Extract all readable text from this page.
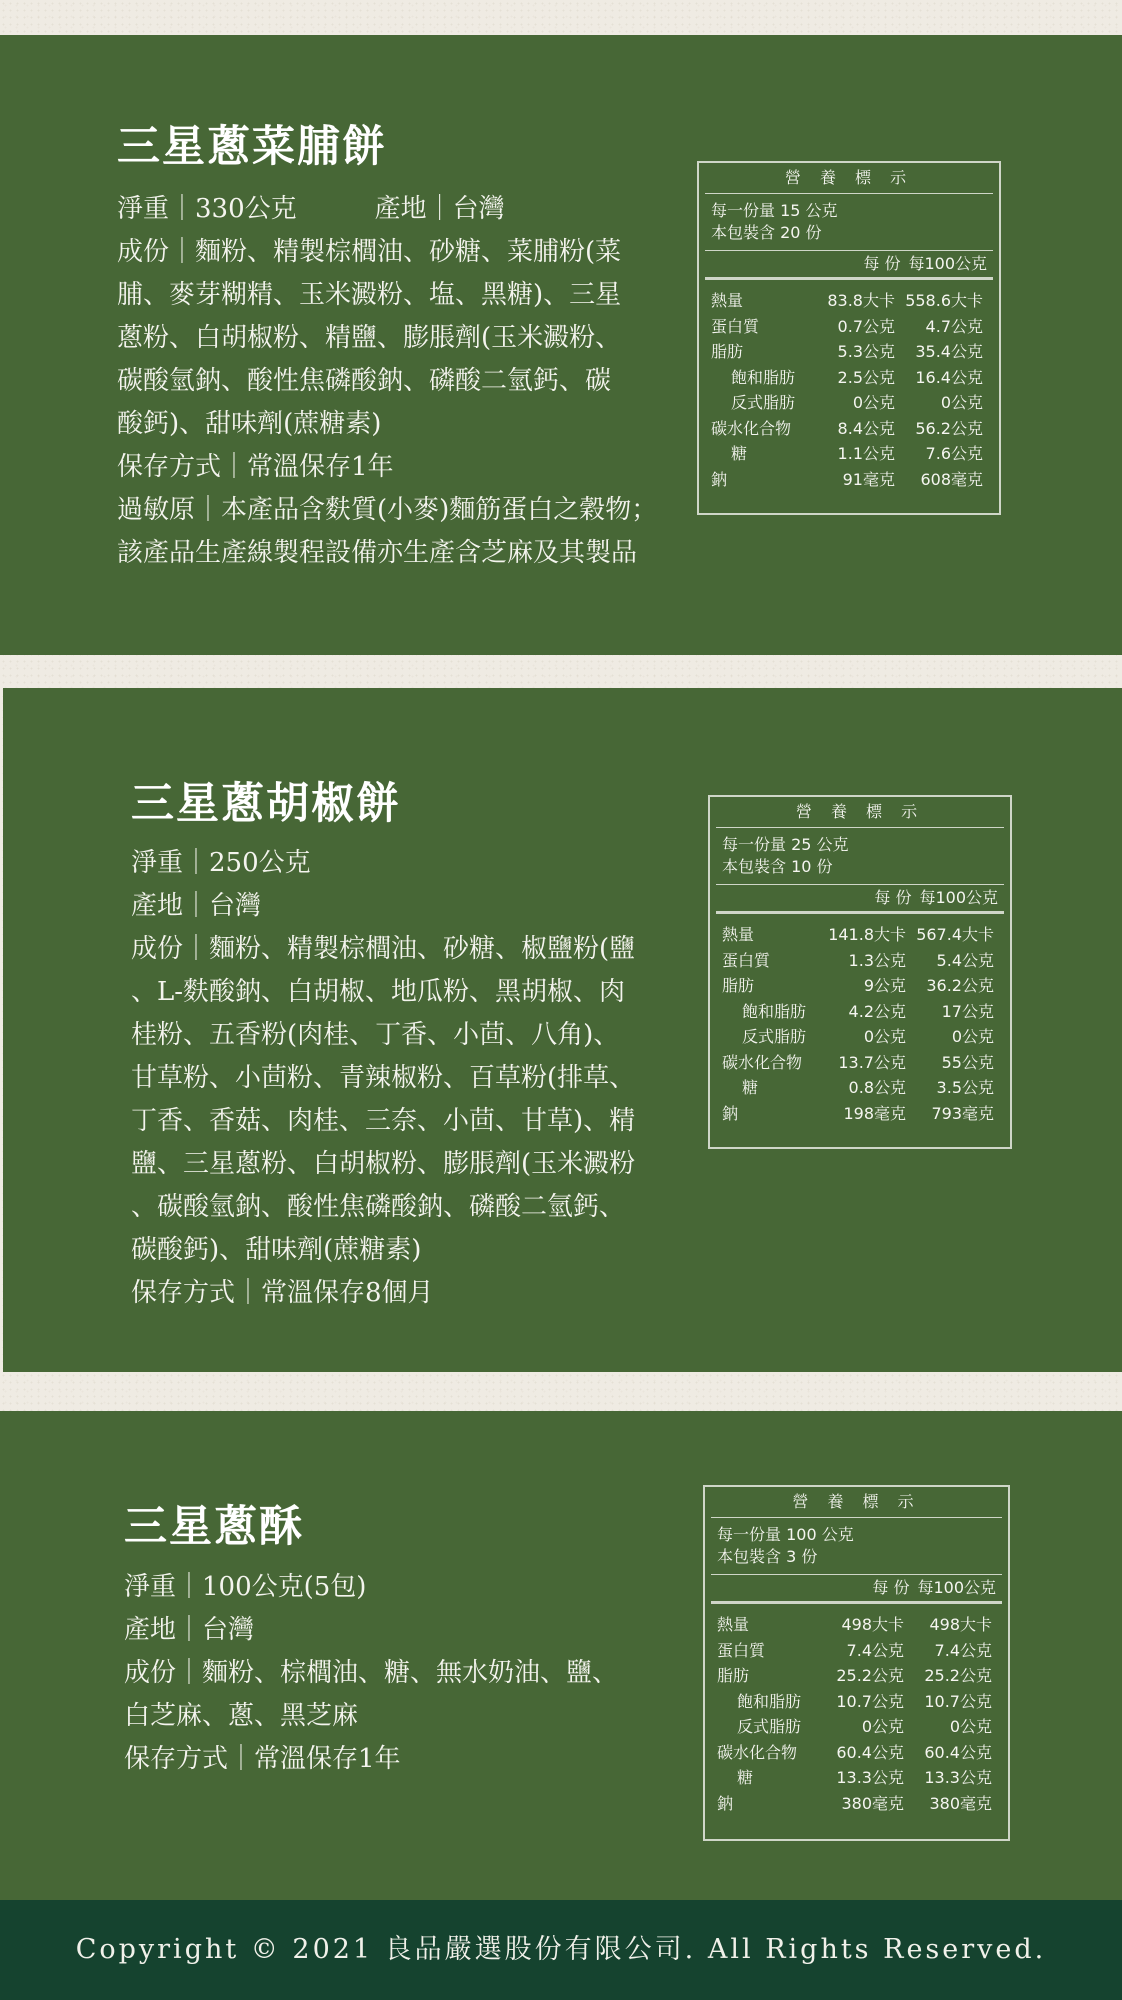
三星蔥菜脯餅
淨重｜330公克	產地｜台灣
成份｜麵粉、精製棕櫚油、砂糖、菜脯粉(菜
脯、麥芽糊精、玉米澱粉、塩、黑糖)、三星
蔥粉、白胡椒粉、精鹽、膨脹劑(玉米澱粉、
碳酸氫鈉、酸性焦磷酸鈉、磷酸二氫鈣、碳
酸鈣)、甜味劑(蔗糖素)
保存方式｜常溫保存1年
過敏原｜本產品含麩質(小麥)麵筋蛋白之穀物；
該產品生產線製程設備亦生產含芝麻及其製品
營 養 標 示
每一份量 15 公克
本包裝含 20 份
每 份 每100公克
熱量	83.8大卡 558.6大卡
蛋白質	0.7公克 4.7公克
脂肪	5.3公克 35.4公克
飽和脂肪	2.5公克 16.4公克
反式脂肪	0公克	0公克
碳水化合物	8.4公克 56.2公克
糖	1.1公克 7.6公克
鈉	91毫克 608毫克
三星蔥胡椒餅
淨重｜250公克
產地｜台灣
成份｜麵粉、精製棕櫚油、砂糖、椒鹽粉(鹽
、L-麩酸鈉、白胡椒、地瓜粉、黑胡椒、肉
桂粉、五香粉(肉桂、丁香、小茴、八角)、
甘草粉、小茴粉、青辣椒粉、百草粉(排草、
丁香、香菇、肉桂、三奈、小茴、甘草)、精
鹽、三星蔥粉、白胡椒粉、膨脹劑(玉米澱粉
、碳酸氫鈉、酸性焦磷酸鈉、磷酸二氫鈣、
碳酸鈣)、甜味劑(蔗糖素)
保存方式｜常溫保存8個月
營 養 標 示
每一份量 25 公克
本包裝含 10 份
每 份 每100公克
熱量	141.8大卡 567.4大卡
蛋白質	1.3公克 5.4公克
脂肪	9公克 36.2公克
飽和脂肪	4.2公克 17公克
反式脂肪	0公克	0公克
碳水化合物 13.7公克 55公克
糖	0.8公克 3.5公克
鈉	198毫克 793毫克
三星蔥酥
淨重｜100公克(5包)
產地｜台灣
成份｜麵粉、棕櫚油、糖、無水奶油、鹽、
白芝麻、蔥、黑芝麻
保存方式｜常溫保存1年
營 養 標 示
每一份量 100 公克
本包裝含 3 份
每 份 每100公克
熱量	498大卡 498大卡
蛋白質	7.4公克 7.4公克
脂肪	25.2公克 25.2公克
飽和脂肪 10.7公克 10.7公克
反式脂肪	0公克	0公克
碳水化合物 60.4公克 60.4公克
糖	13.3公克 13.3公克
鈉	380毫克 380毫克
Copyright © 2021 良品嚴選股份有限公司. All Rights Reserved.
